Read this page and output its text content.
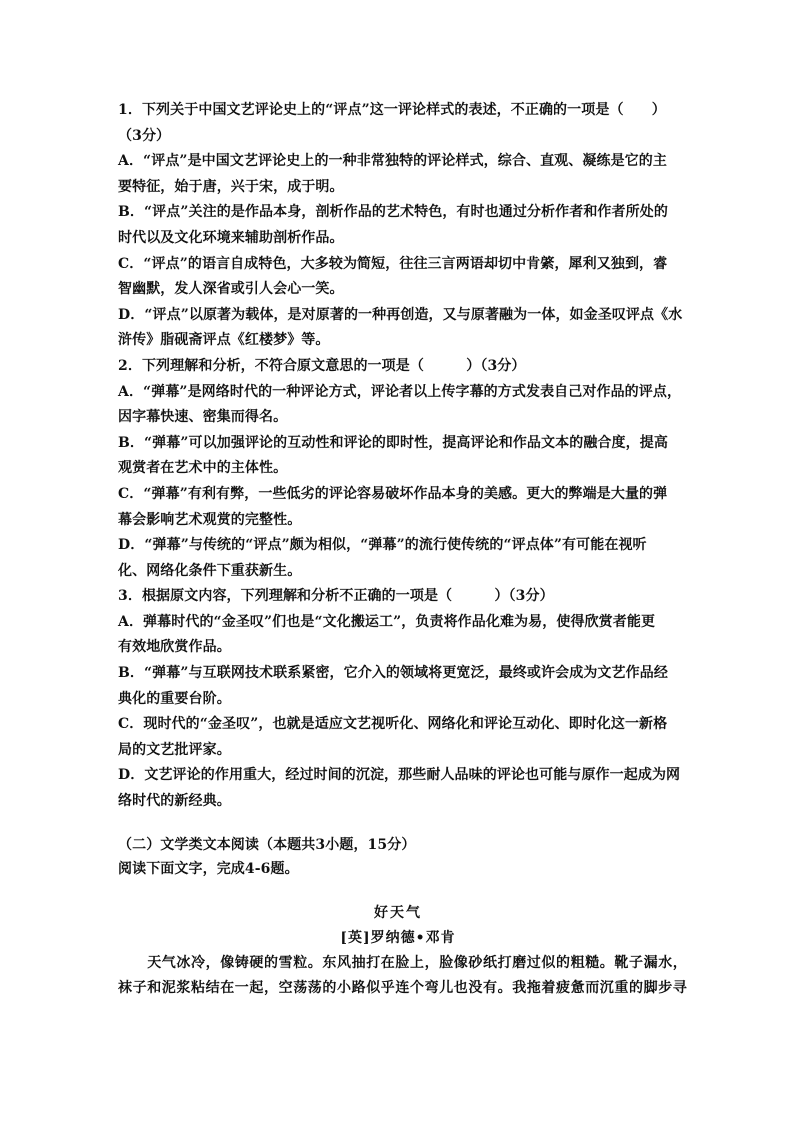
1．下列关于中国文艺评论史上的“评点”这一评论样式的表述，不正确的一项是（　　）
（3分）
A．“评点”是中国文艺评论史上的一种非常独特的评论样式，综合、直观、凝练是它的主
要特征，始于唐，兴于宋，成于明。
B．“评点”关注的是作品本身，剖析作品的艺术特色，有时也通过分析作者和作者所处的
时代以及文化环境来辅助剖析作品。
C．“评点”的语言自成特色，大多较为简短，往往三言两语却切中肯綮，犀利又独到，睿
智幽默，发人深省或引人会心一笑。
D．“评点”以原著为载体，是对原著的一种再创造，又与原著融为一体，如金圣叹评点《水
浒传》脂砚斋评点《红楼梦》等。
2．下列理解和分析，不符合原文意思的一项是（　　　）（3分）
A．“弹幕”是网络时代的一种评论方式，评论者以上传字幕的方式发表自己对作品的评点，
因字幕快速、密集而得名。
B．“弹幕”可以加强评论的互动性和评论的即时性，提高评论和作品文本的融合度，提高
观赏者在艺术中的主体性。
C．“弹幕”有利有弊，一些低劣的评论容易破坏作品本身的美感。更大的弊端是大量的弹
幕会影响艺术观赏的完整性。
D．“弹幕”与传统的“评点”颇为相似，“弹幕”的流行使传统的“评点体”有可能在视听
化、网络化条件下重获新生。
3．根据原文内容，下列理解和分析不正确的一项是（　　　）（3分）
A．弹幕时代的“金圣叹”们也是“文化搬运工”，负责将作品化难为易，使得欣赏者能更
有效地欣赏作品。
B．“弹幕”与互联网技术联系紧密，它介入的领域将更宽泛，最终或许会成为文艺作品经
典化的重要台阶。
C．现时代的“金圣叹”，也就是适应文艺视听化、网络化和评论互动化、即时化这一新格
局的文艺批评家。
D．文艺评论的作用重大，经过时间的沉淀，那些耐人品味的评论也可能与原作一起成为网
络时代的新经典。
（二）文学类文本阅读（本题共3小题，15分）
阅读下面文字，完成4-6题。
好天气
[英]罗纳德•邓肯
　　天气冰冷，像铸硬的雪粒。东风抽打在脸上，脸像砂纸打磨过似的粗糙。靴子漏水，
袜子和泥浆粘结在一起，空荡荡的小路似乎连个弯儿也没有。我拖着疲惫而沉重的脚步寻
